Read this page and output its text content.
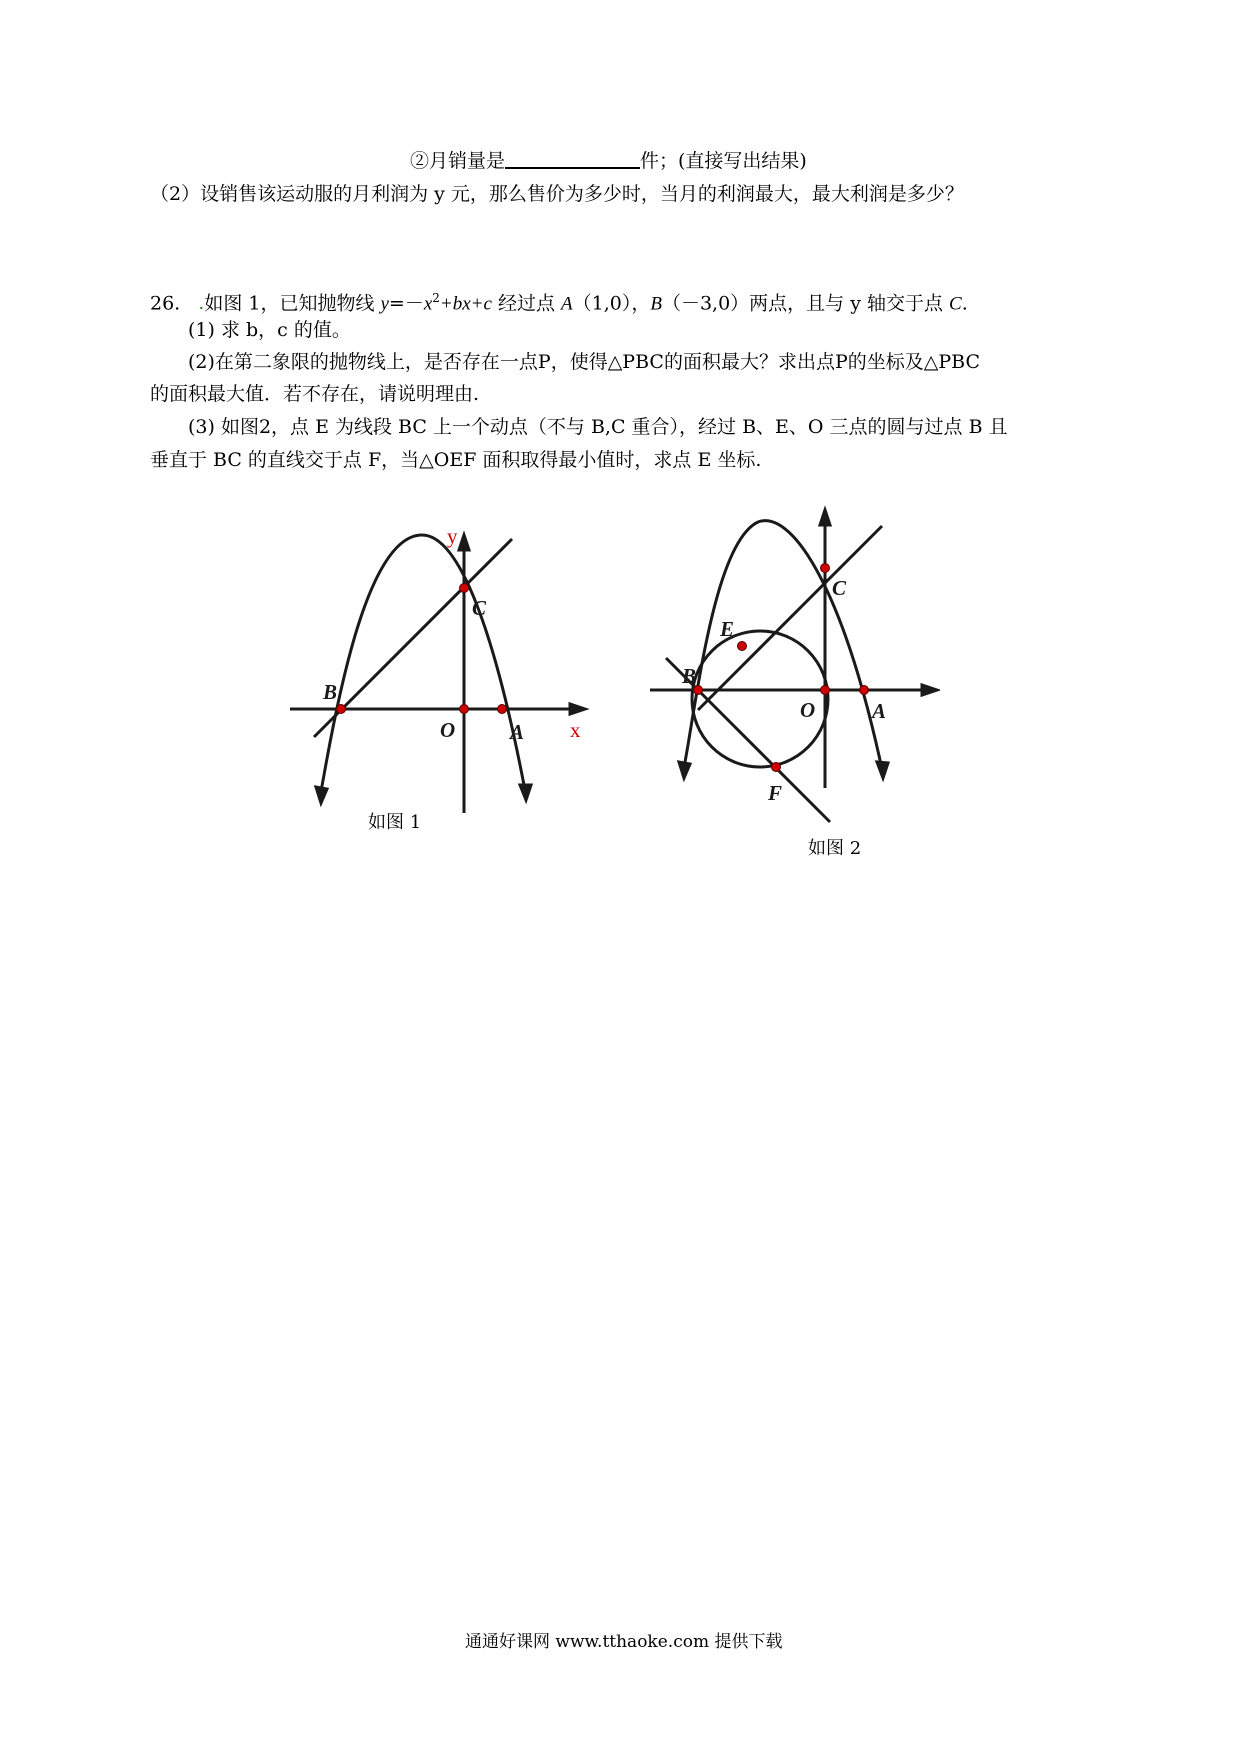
②月销量是	件；(直接写出结果)
（2）设销售该运动服的月利润为 y 元，那么售价为多少时，当月的利润最大，最大利润是多少？
26. .如图 1，已知抛物线 $y=-x^2+bx+c$ 经过点 A（1,0），B（－3,0）两点，且与 y 轴交于点 C.
(1) 求 b，c 的值。
(2)在第二象限的抛物线上，是否存在一点P，使得△PBC的面积最大？求出点P的坐标及△PBC
的面积最大值．若不存在，请说明理由.
(3) 如图2，点 E 为线段 BC 上一个动点（不与 B,C 重合），经过 B、E、O 三点的圆与过点 B 且
垂直于 BC 的直线交于点 F，当△OEF 面积取得最小值时，求点 E 坐标.
y
x
B
C
O	A
如图 1
E
C
B
O	A
F
如图 2
通通好课网 www.tthaoke.com 提供下载
